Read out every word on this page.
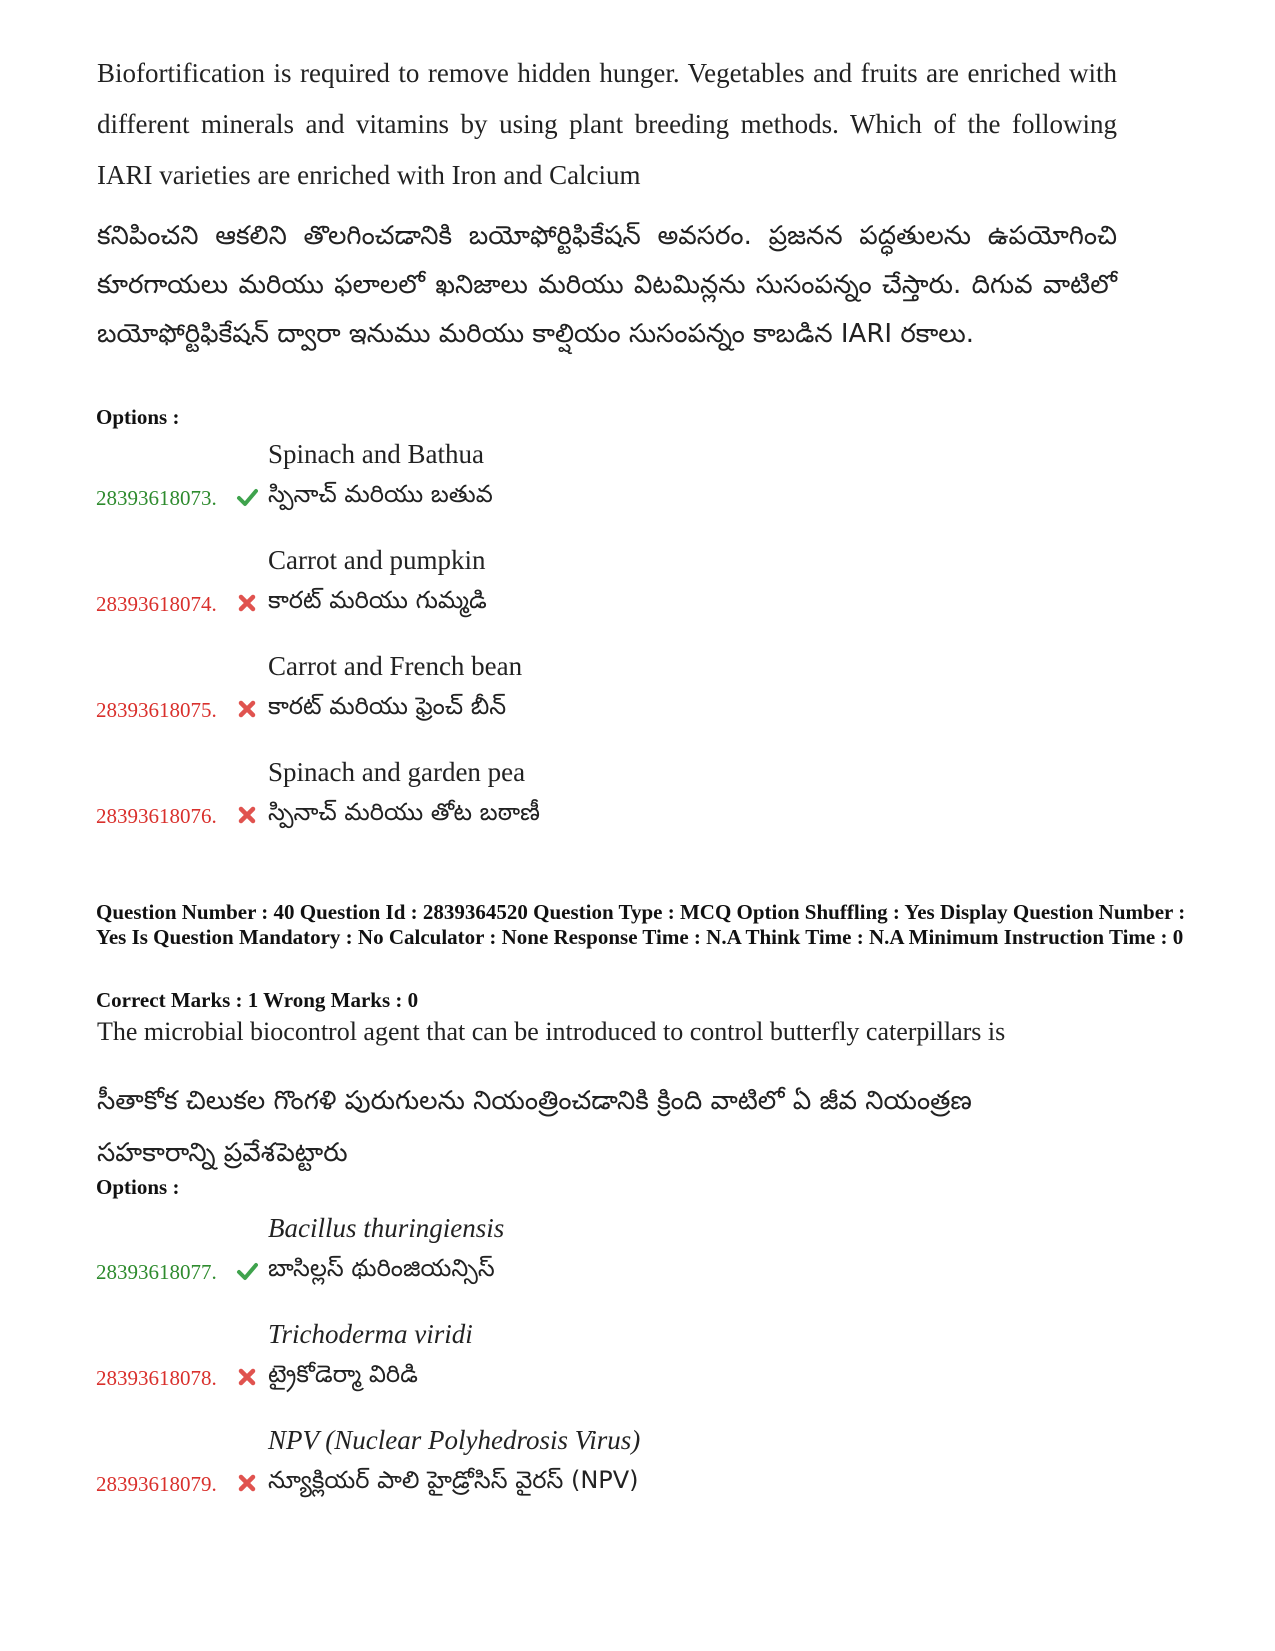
Biofortification is required to remove hidden hunger. Vegetables and fruits are enriched with different minerals and vitamins by using plant breeding methods. Which of the following IARI varieties are enriched with Iron and Calcium
కనిపించని ఆకలిని తొలగించడానికి బయోఫోర్టిఫికేషన్ అవసరం. ప్రజనన పద్ధతులను ఉపయోగించి కూరగాయలు మరియు ఫలాలలో ఖనిజాలు మరియు విటమిన్లను సుసంపన్నం చేస్తారు. దిగువ వాటిలో బయోఫోర్టిఫికేషన్ ద్వారా ఇనుము మరియు కాల్షియం సుసంపన్నం కాబడిన IARI రకాలు.
Options :
Spinach and Bathua
స్పినాచ్ మరియు బతువ
28393618073.
Carrot and pumpkin
కారట్ మరియు గుమ్మడి
28393618074.
Carrot and French bean
కారట్ మరియు ఫ్రెంచ్ బీన్
28393618075.
Spinach and garden pea
స్పినాచ్ మరియు తోట బఠాణీ
28393618076.
Question Number : 40 Question Id : 2839364520 Question Type : MCQ Option Shuffling : Yes Display Question Number : Yes Is Question Mandatory : No Calculator : None Response Time : N.A Think Time : N.A Minimum Instruction Time : 0
Correct Marks : 1 Wrong Marks : 0
The microbial biocontrol agent that can be introduced to control butterfly caterpillars is
సీతాకోక చిలుకల గొంగళి పురుగులను నియంత్రించడానికి క్రింది వాటిలో ఏ జీవ నియంత్రణ సహకారాన్ని ప్రవేశపెట్టారు
Options :
Bacillus thuringiensis
బాసిల్లస్ థురింజియన్సిస్
28393618077.
Trichoderma viridi
ట్రైకోడెర్మా విరిడి
28393618078.
NPV (Nuclear Polyhedrosis Virus)
న్యూక్లియర్ పాలి హైడ్రోసిస్ వైరస్ (NPV)
28393618079.
